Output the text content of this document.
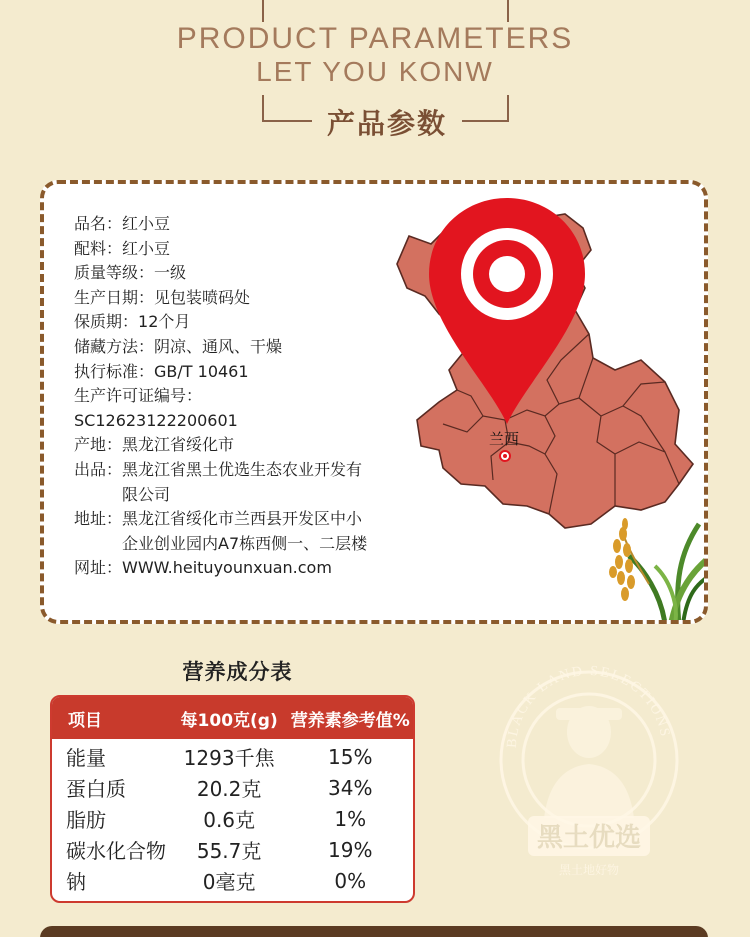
PRODUCT PARAMETERS
LET YOU KONW
产品参数
品名： 红小豆
配料： 红小豆
质量等级： 一级
生产日期： 见包装喷码处
保质期： 12个月
储藏方法： 阴凉、通风、干燥
执行标准： GB/T 10461
生产许可证编号：
SC12623122200601
产地： 黑龙江省绥化市
出品： 黑龙江省黑土优选生态农业开发有限公司
地址： 黑龙江省绥化市兰西县开发区中小企业创业园内A7栋西侧一、二层楼
网址： WWW.heituyounxuan.com
兰西
营养成分表
项目	每100克(g) 营养素参考值%
能量	1293千焦	15%
蛋白质	20.2克	34%
脂肪	0.6克	1%
碳水化合物	55.7克	19%
钠	0毫克	0%
BLACK LAND SELECTIONS
黑土优选
黑土地好物
